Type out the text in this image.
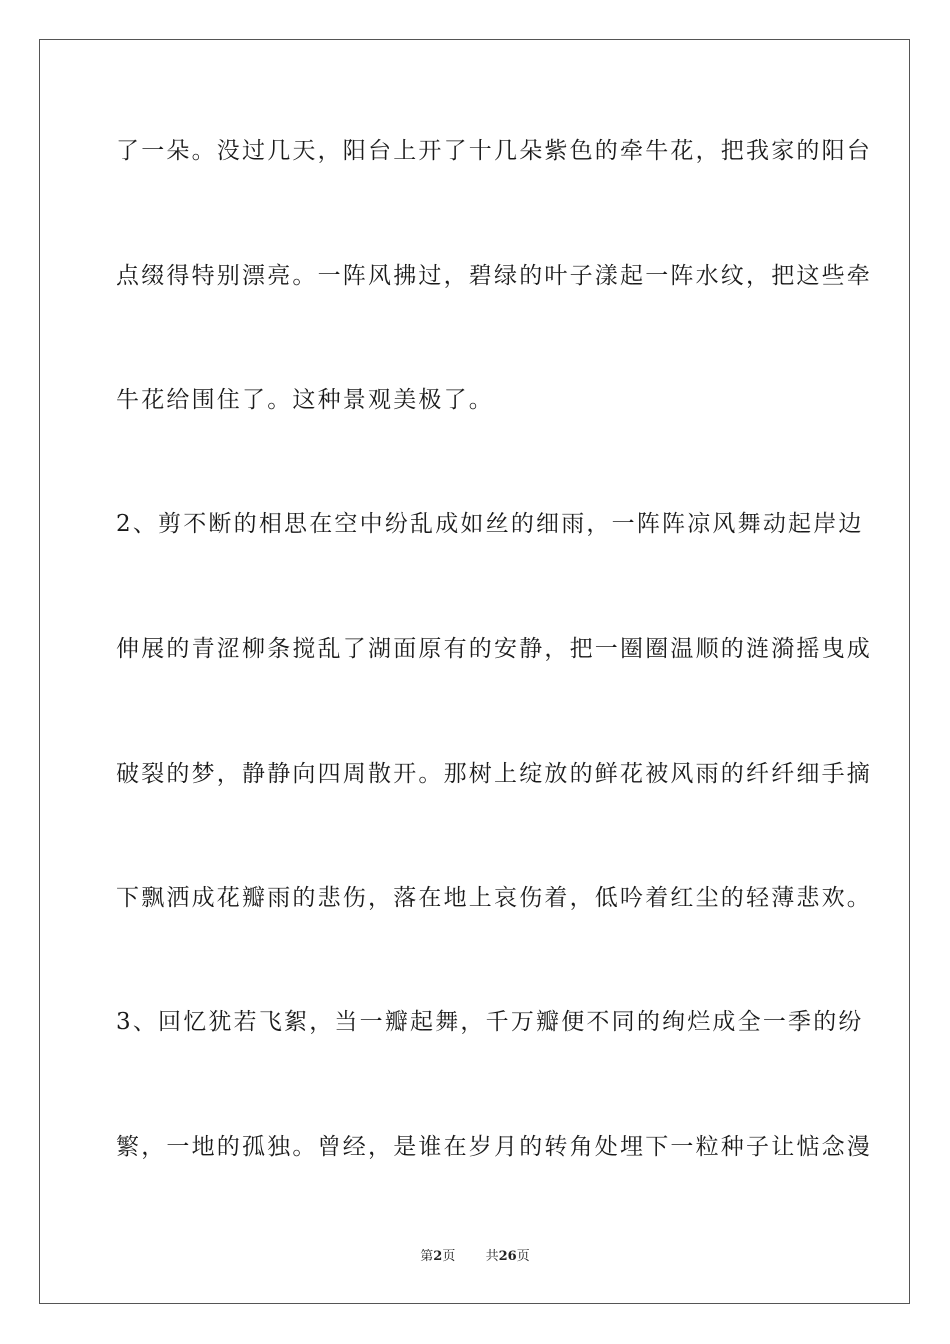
了一朵。没过几天，阳台上开了十几朵紫色的牵牛花，把我家的阳台
点缀得特别漂亮。一阵风拂过，碧绿的叶子漾起一阵水纹，把这些牵
牛花给围住了。这种景观美极了。
2、剪不断的相思在空中纷乱成如丝的细雨，一阵阵凉风舞动起岸边
伸展的青涩柳条搅乱了湖面原有的安静，把一圈圈温顺的涟漪摇曳成
破裂的梦，静静向四周散开。那树上绽放的鲜花被风雨的纤纤细手摘
下飘洒成花瓣雨的悲伤，落在地上哀伤着，低吟着红尘的轻薄悲欢。
3、回忆犹若飞絮，当一瓣起舞，千万瓣便不同的绚烂成全一季的纷
繁，一地的孤独。曾经，是谁在岁月的转角处埋下一粒种子让惦念漫
第2页 共26页
